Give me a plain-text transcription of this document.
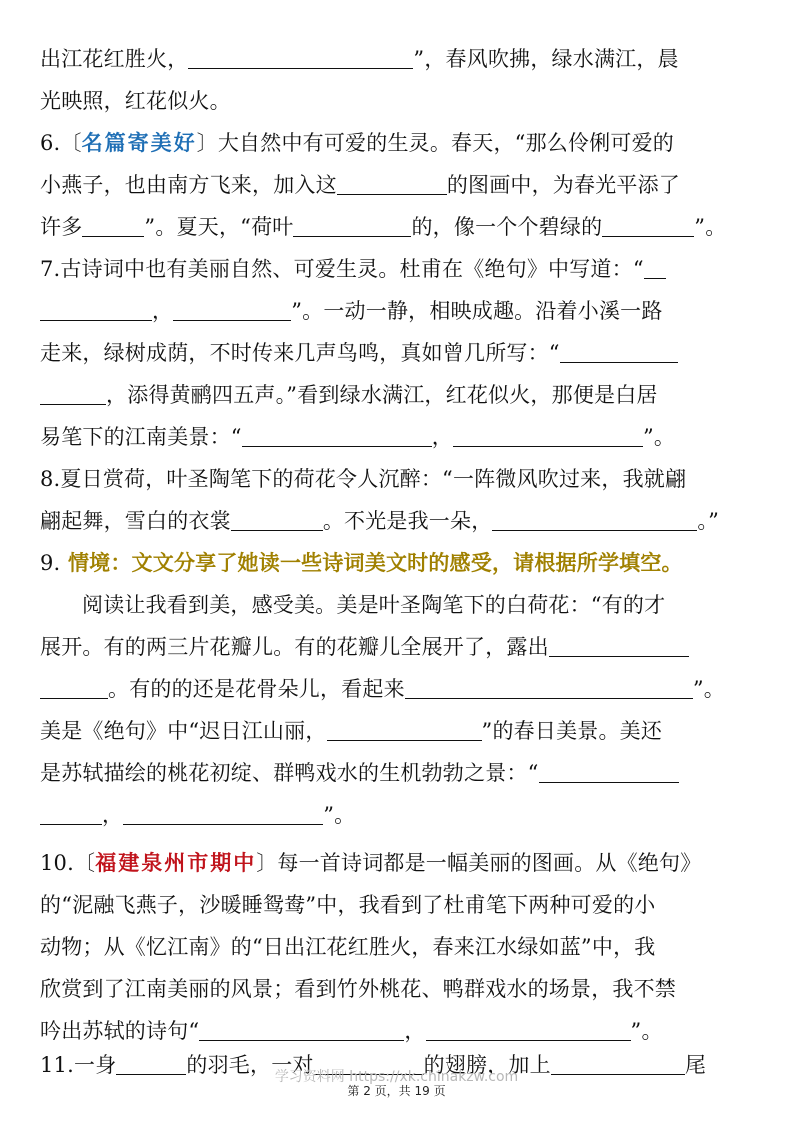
出江花红胜火，	”，春风吹拂，绿水满江，晨
光映照，红花似火。
6.〔名篇寄美好〕大自然中有可爱的生灵。春天，“那么伶俐可爱的
小燕子，也由南方飞来，加入这	的图画中，为春光平添了
许多	”。夏天，“荷叶	的，像一个个碧绿的	”。
7.古诗词中也有美丽自然、可爱生灵。杜甫在《绝句》中写道：“
，	”。一动一静，相映成趣。沿着小溪一路
走来，绿树成荫，不时传来几声鸟鸣，真如曾几所写：“
，添得黄鹂四五声。”看到绿水满江，红花似火，那便是白居
易笔下的江南美景：“	，	”。
8.夏日赏荷，叶圣陶笔下的荷花令人沉醉：“一阵微风吹过来，我就翩
翩起舞，雪白的衣裳	。不光是我一朵，	。”
9. 情境：文文分享了她读一些诗词美文时的感受，请根据所学填空。
阅读让我看到美，感受美。美是叶圣陶笔下的白荷花：“有的才
展开。有的两三片花瓣儿。有的花瓣儿全展开了，露出
。有的的还是花骨朵儿，看起来	”。
美是《绝句》中“迟日江山丽，	”的春日美景。美还
是苏轼描绘的桃花初绽、群鸭戏水的生机勃勃之景：“
，	”。
10.〔福建泉州市期中〕每一首诗词都是一幅美丽的图画。从《绝句》
的“泥融飞燕子，沙暖睡鸳鸯”中，我看到了杜甫笔下两种可爱的小
动物；从《忆江南》的“日出江花红胜火，春来江水绿如蓝”中，我
欣赏到了江南美丽的风景；看到竹外桃花、鸭群戏水的场景，我不禁
吟出苏轼的诗句“	，	”。
11.一身	的羽毛，一对	的翅膀，加上	尾
学习资料网 https://xk.chinakzw.com
第 2 页，共 19 页
